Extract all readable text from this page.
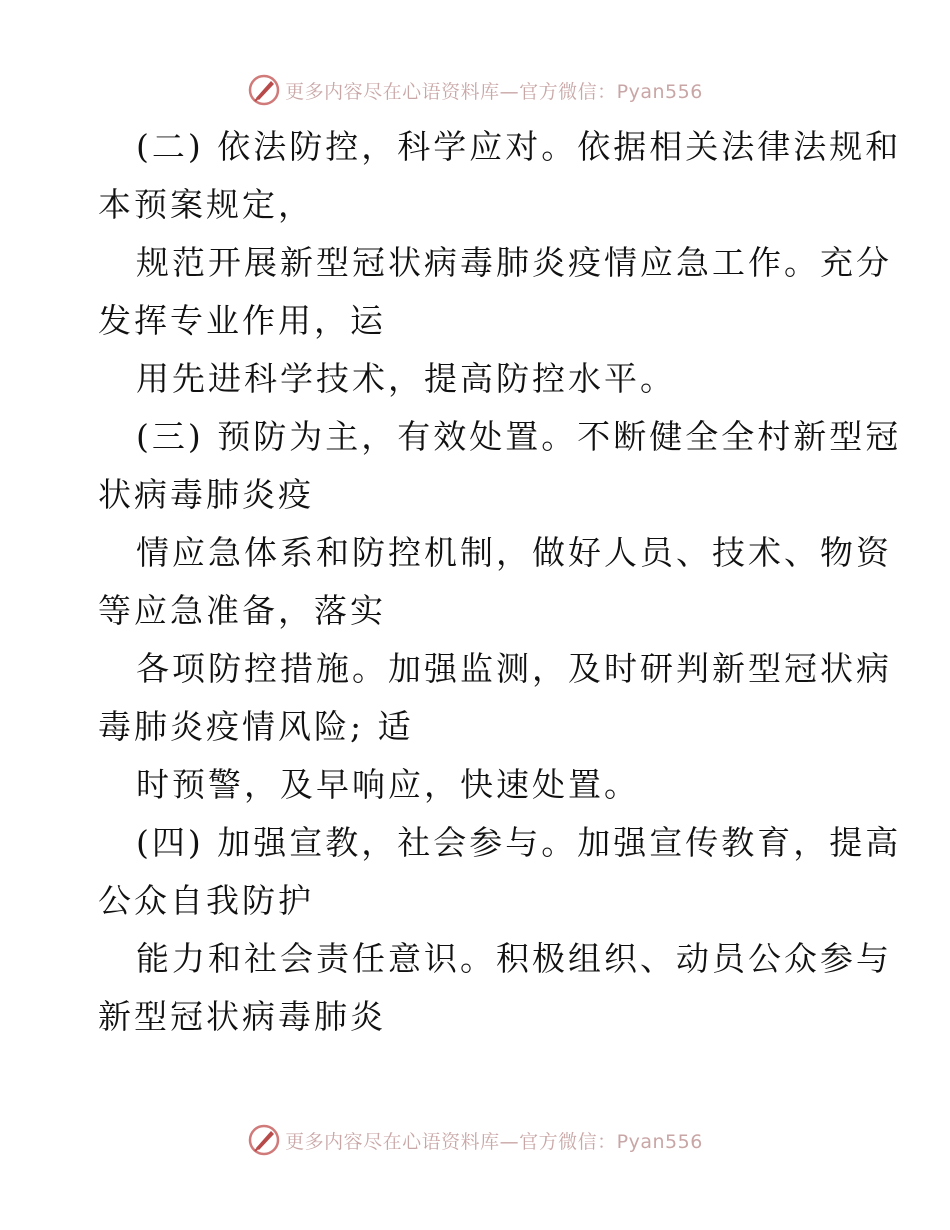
更多内容尽在心语资料库—官方微信：Pyan556
(二) 依法防控，科学应对。依据相关法律法规和
本预案规定，
规范开展新型冠状病毒肺炎疫情应急工作。充分
发挥专业作用，运
用先进科学技术，提高防控水平。
(三) 预防为主，有效处置。不断健全全村新型冠
状病毒肺炎疫
情应急体系和防控机制，做好人员、技术、物资
等应急准备，落实
各项防控措施。加强监测，及时研判新型冠状病
毒肺炎疫情风险; 适
时预警，及早响应，快速处置。
(四) 加强宣教，社会参与。加强宣传教育，提高
公众自我防护
能力和社会责任意识。积极组织、动员公众参与
新型冠状病毒肺炎
更多内容尽在心语资料库—官方微信：Pyan556
